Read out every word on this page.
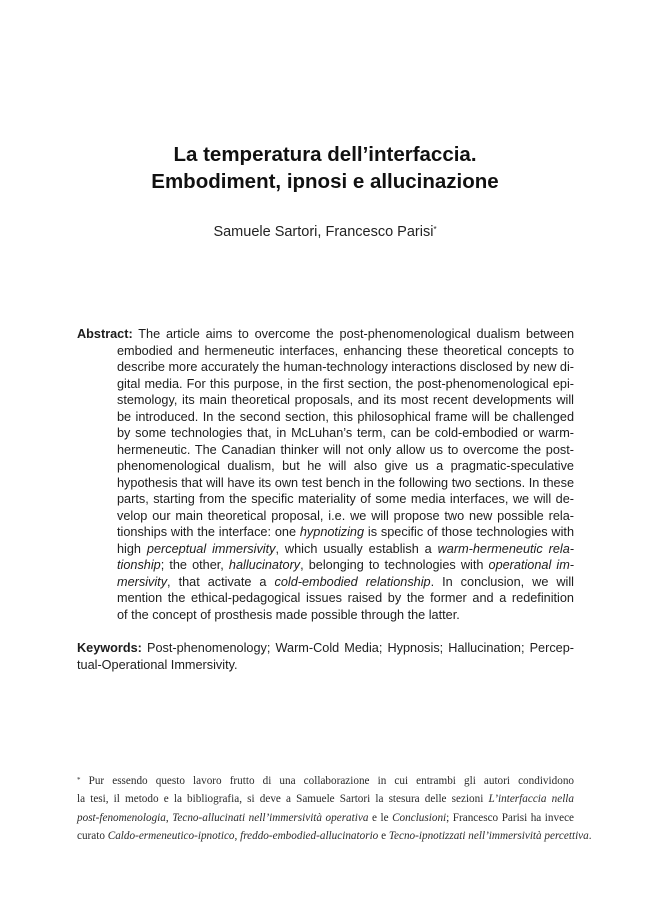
La temperatura dell’interfaccia.
Embodiment, ipnosi e allucinazione
Samuele Sartori, Francesco Parisi*
Abstract: The article aims to overcome the post-phenomenological dualism between
embodied and hermeneutic interfaces, enhancing these theoretical concepts to
describe more accurately the human-technology interactions disclosed by new di-
gital media. For this purpose, in the first section, the post-phenomenological epi-
stemology, its main theoretical proposals, and its most recent developments will
be introduced. In the second section, this philosophical frame will be challenged
by some technologies that, in McLuhan’s term, can be cold-embodied or warm-
hermeneutic. The Canadian thinker will not only allow us to overcome the post-
phenomenological dualism, but he will also give us a pragmatic-speculative
hypothesis that will have its own test bench in the following two sections. In these
parts, starting from the specific materiality of some media interfaces, we will de-
velop our main theoretical proposal, i.e. we will propose two new possible rela-
tionships with the interface: one hypnotizing is specific of those technologies with
high perceptual immersivity, which usually establish a warm-hermeneutic rela-
tionship; the other, hallucinatory, belonging to technologies with operational im-
mersivity, that activate a cold-embodied relationship. In conclusion, we will
mention the ethical-pedagogical issues raised by the former and a redefinition
of the concept of prosthesis made possible through the latter.
Keywords: Post-phenomenology; Warm-Cold Media; Hypnosis; Hallucination; Percep-
tual-Operational Immersivity.
* Pur essendo questo lavoro frutto di una collaborazione in cui entrambi gli autori condividono
la tesi, il metodo e la bibliografia, si deve a Samuele Sartori la stesura delle sezioni L’interfaccia nella
post-fenomenologia, Tecno-allucinati nell’immersività operativa e le Conclusioni; Francesco Parisi ha invece
curato Caldo-ermeneutico-ipnotico, freddo-embodied-allucinatorio e Tecno-ipnotizzati nell’immersività percettiva.
